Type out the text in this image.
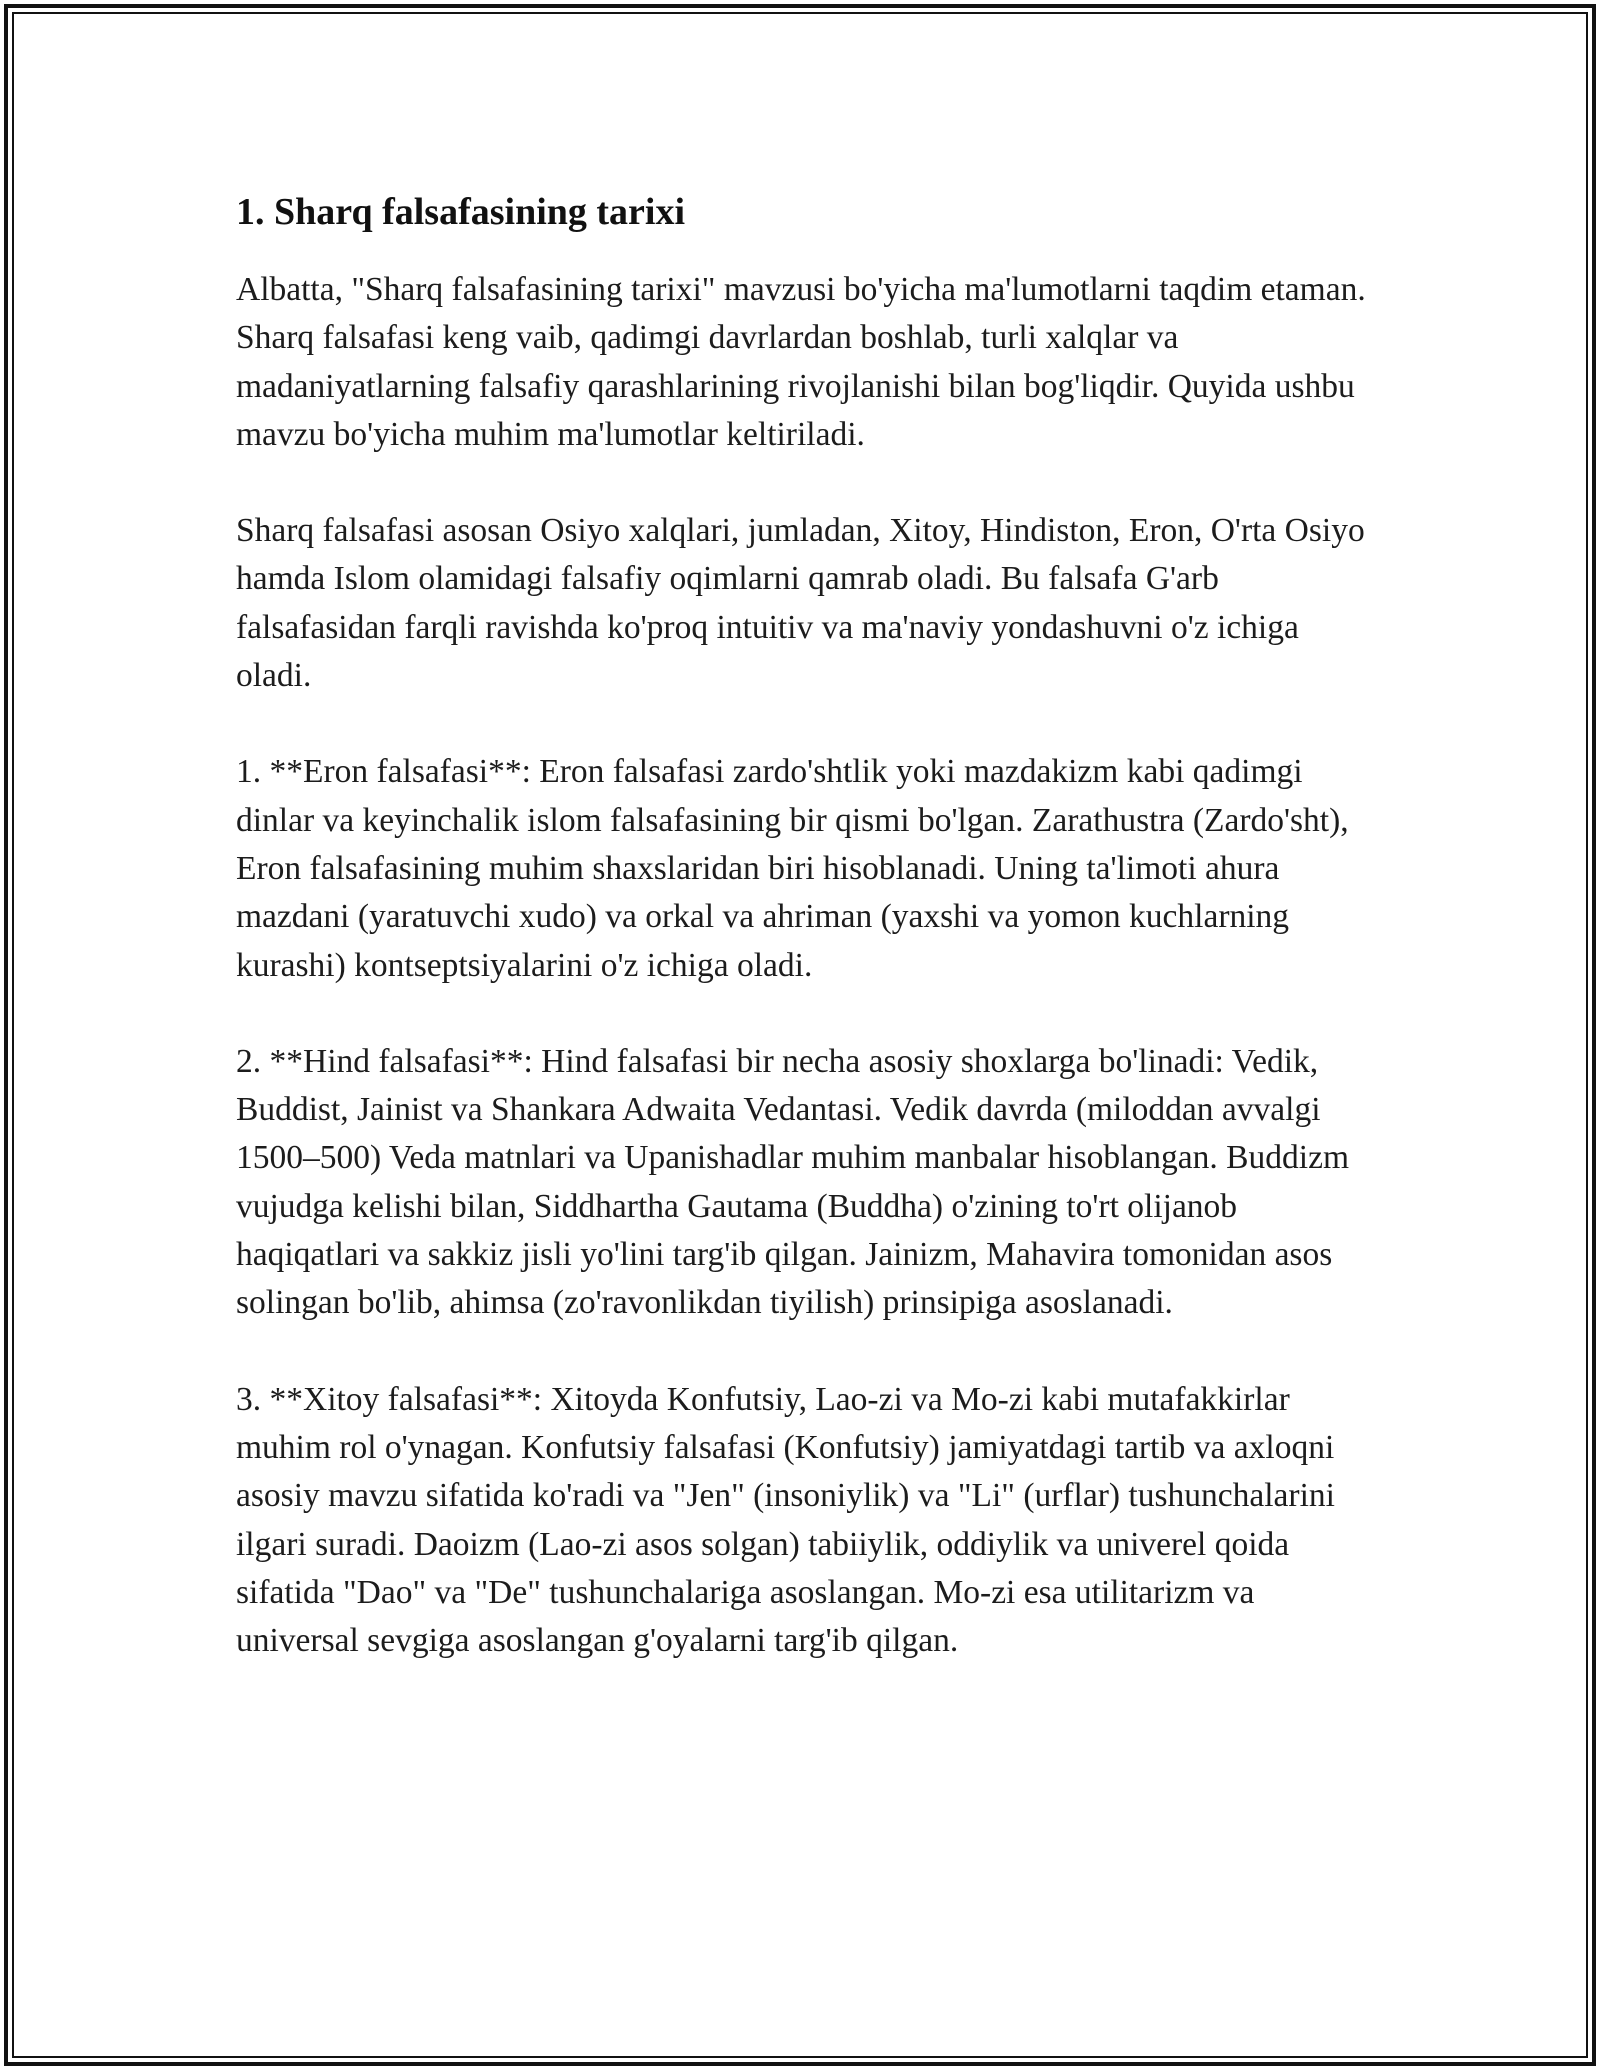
1. Sharq falsafasining tarixi

Albatta, "Sharq falsafasining tarixi" mavzusi bo'yicha ma'lumotlarni taqdim etaman. Sharq falsafasi keng vaib, qadimgi davrlardan boshlab, turli xalqlar va madaniyatlarning falsafiy qarashlarining rivojlanishi bilan bog'liqdir. Quyida ushbu mavzu bo'yicha muhim ma'lumotlar keltiriladi.

Sharq falsafasi asosan Osiyo xalqlari, jumladan, Xitoy, Hindiston, Eron, O'rta Osiyo hamda Islom olamidagi falsafiy oqimlarni qamrab oladi. Bu falsafa G'arb falsafasidan farqli ravishda ko'proq intuitiv va ma'naviy yondashuvni o'z ichiga oladi.

1. **Eron falsafasi**: Eron falsafasi zardo'shtlik yoki mazdakizm kabi qadimgi dinlar va keyinchalik islom falsafasining bir qismi bo'lgan. Zarathustra (Zardo'sht), Eron falsafasining muhim shaxslaridan biri hisoblanadi. Uning ta'limoti ahura mazdani (yaratuvchi xudo) va orkal va ahriman (yaxshi va yomon kuchlarning kurashi) kontseptsiyalarini o'z ichiga oladi.

2. **Hind falsafasi**: Hind falsafasi bir necha asosiy shoxlarga bo'linadi: Vedik, Buddist, Jainist va Shankara Adwaita Vedantasi. Vedik davrda (miloddan avvalgi 1500–500) Veda matnlari va Upanishadlar muhim manbalar hisoblangan. Buddizm vujudga kelishi bilan, Siddhartha Gautama (Buddha) o'zining to'rt olijanob haqiqatlari va sakkiz jisli yo'lini targ'ib qilgan. Jainizm, Mahavira tomonidan asos solingan bo'lib, ahimsa (zo'ravonlikdan tiyilish) prinsipiga asoslanadi.

3. **Xitoy falsafasi**: Xitoyda Konfutsiy, Lao-zi va Mo-zi kabi mutafakkirlar muhim rol o'ynagan. Konfutsiy falsafasi (Konfutsiy) jamiyatdagi tartib va axloqni asosiy mavzu sifatida ko'radi va "Jen" (insoniylik) va "Li" (urflar) tushunchalarini ilgari suradi. Daoizm (Lao-zi asos solgan) tabiiylik, oddiylik va univerel qoida sifatida "Dao" va "De" tushunchalariga asoslangan. Mo-zi esa utilitarizm va universal sevgiga asoslangan g'oyalarni targ'ib qilgan.
